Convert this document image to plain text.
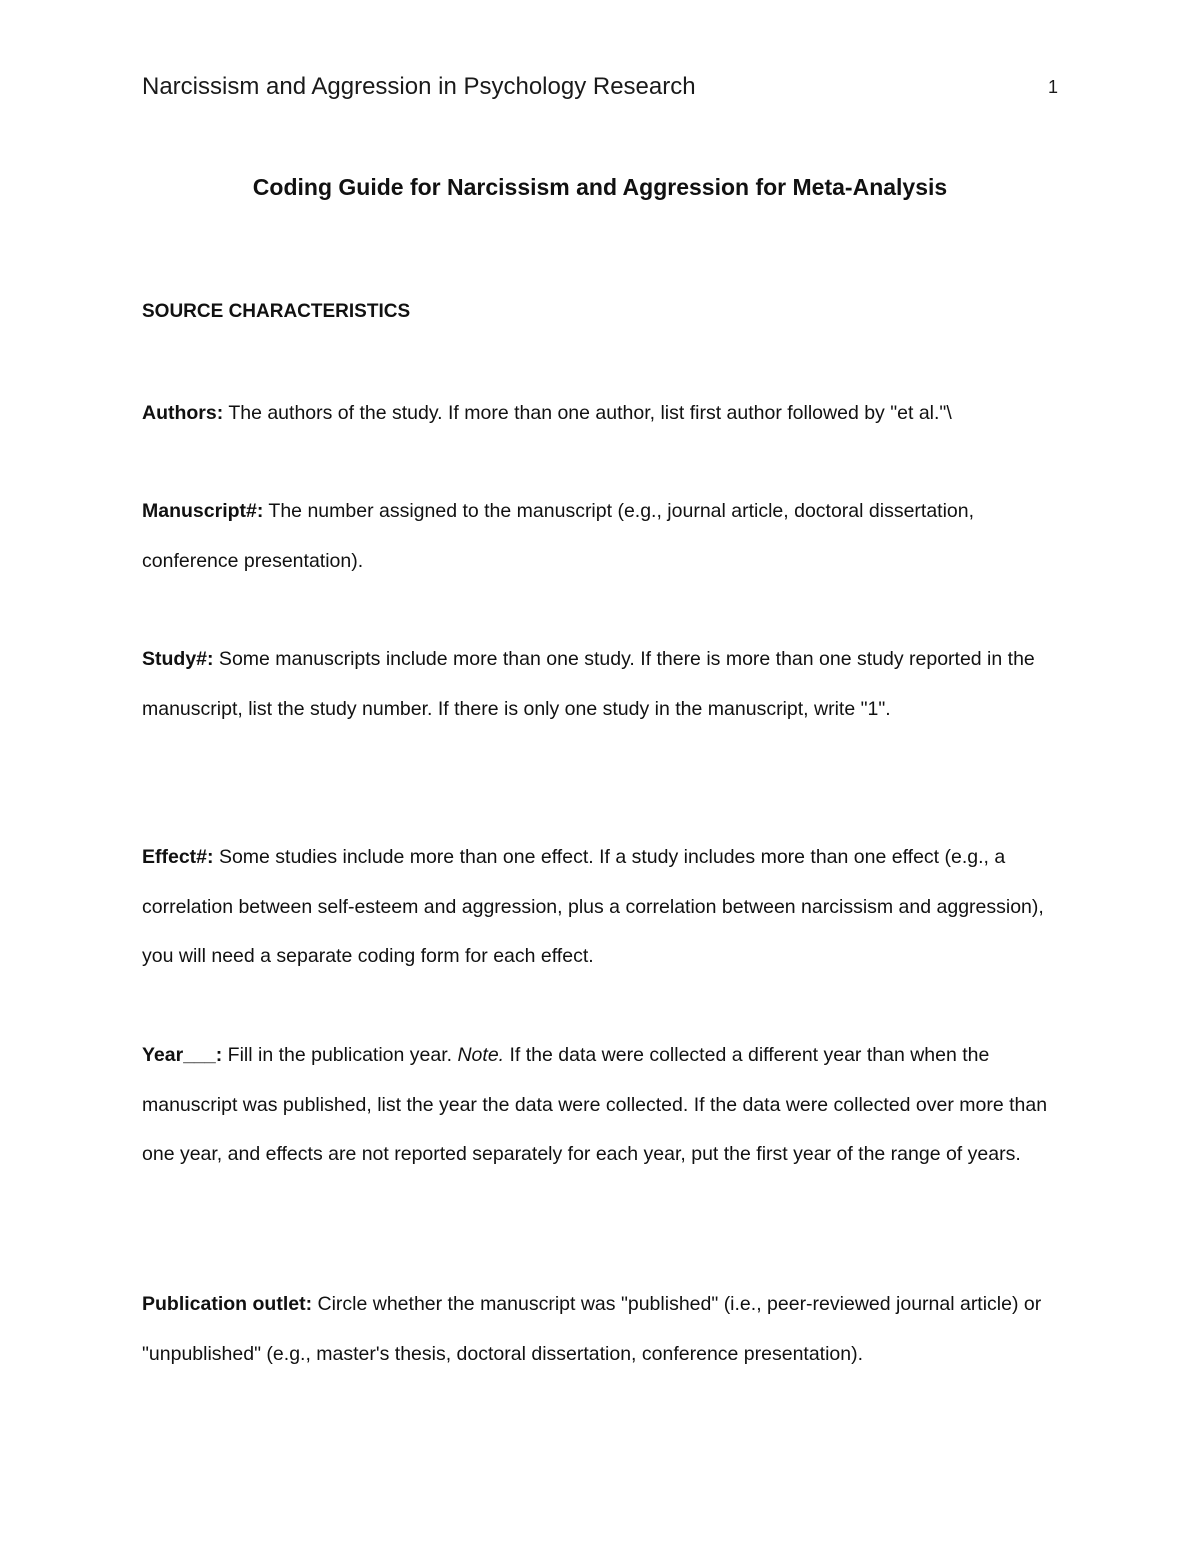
Narcissism and Aggression in Psychology Research	1
Coding Guide for Narcissism and Aggression for Meta-Analysis
SOURCE CHARACTERISTICS

Authors: The authors of the study. If more than one author, list first author followed by "et al."\

Manuscript#: The number assigned to the manuscript (e.g., journal article, doctoral dissertation, conference presentation).

Study#: Some manuscripts include more than one study. If there is more than one study reported in the manuscript, list the study number. If there is only one study in the manuscript, write "1".

Effect#: Some studies include more than one effect. If a study includes more than one effect (e.g., a correlation between self-esteem and aggression, plus a correlation between narcissism and aggression), you will need a separate coding form for each effect.

Year___: Fill in the publication year. Note. If the data were collected a different year than when the manuscript was published, list the year the data were collected. If the data were collected over more than one year, and effects are not reported separately for each year, put the first year of the range of years.

Publication outlet: Circle whether the manuscript was "published" (i.e., peer-reviewed journal article) or "unpublished" (e.g., master's thesis, doctoral dissertation, conference presentation).
